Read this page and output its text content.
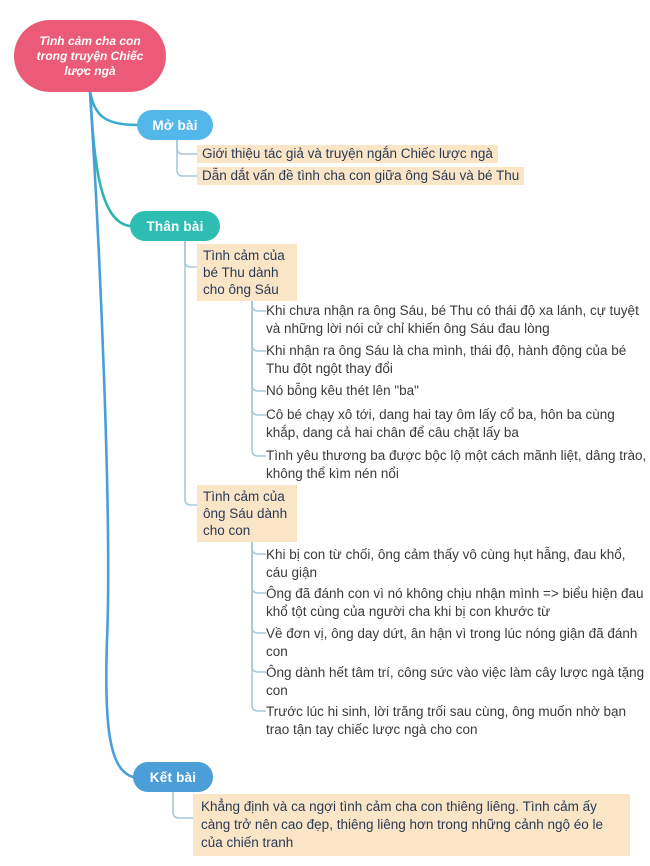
Tình cảm cha con trong truyện Chiếc lược ngà
Mở bài
Giới thiệu tác giả và truyện ngắn Chiếc lược ngà
Dẫn dắt vấn đề tình cha con giữa ông Sáu và bé Thu
Thân bài
Tình cảm của bé Thu dành cho ông Sáu
Khi chưa nhận ra ông Sáu, bé Thu có thái độ xa lánh, cự tuyệt và những lời nói cử chỉ khiến ông Sáu đau lòng
Khi nhận ra ông Sáu là cha mình, thái độ, hành động của bé Thu đột ngột thay đổi
Nó bỗng kêu thét lên "ba"
Cô bé chạy xô tới, dang hai tay ôm lấy cổ ba, hôn ba cùng khắp, dang cả hai chân để câu chặt lấy ba
Tình yêu thương ba được bộc lộ một cách mãnh liệt, dâng trào, không thể kìm nén nổi
Tình cảm của ông Sáu dành cho con
Khi bị con từ chối, ông cảm thấy vô cùng hụt hẫng, đau khổ, cáu giận
Ông đã đánh con vì nó không chịu nhận mình => biểu hiện đau khổ tột cùng của người cha khi bị con khước từ
Về đơn vị, ông day dứt, ân hận vì trong lúc nóng giận đã đánh con
Ông dành hết tâm trí, công sức vào việc làm cây lược ngà tặng con
Trước lúc hi sinh, lời trăng trối sau cùng, ông muốn nhờ bạn trao tận tay chiếc lược ngà cho con
Kết bài
Khẳng định và ca ngợi tình cảm cha con thiêng liêng. Tình cảm ấy càng trở nên cao đẹp, thiêng liêng hơn trong những cảnh ngộ éo le của chiến tranh
